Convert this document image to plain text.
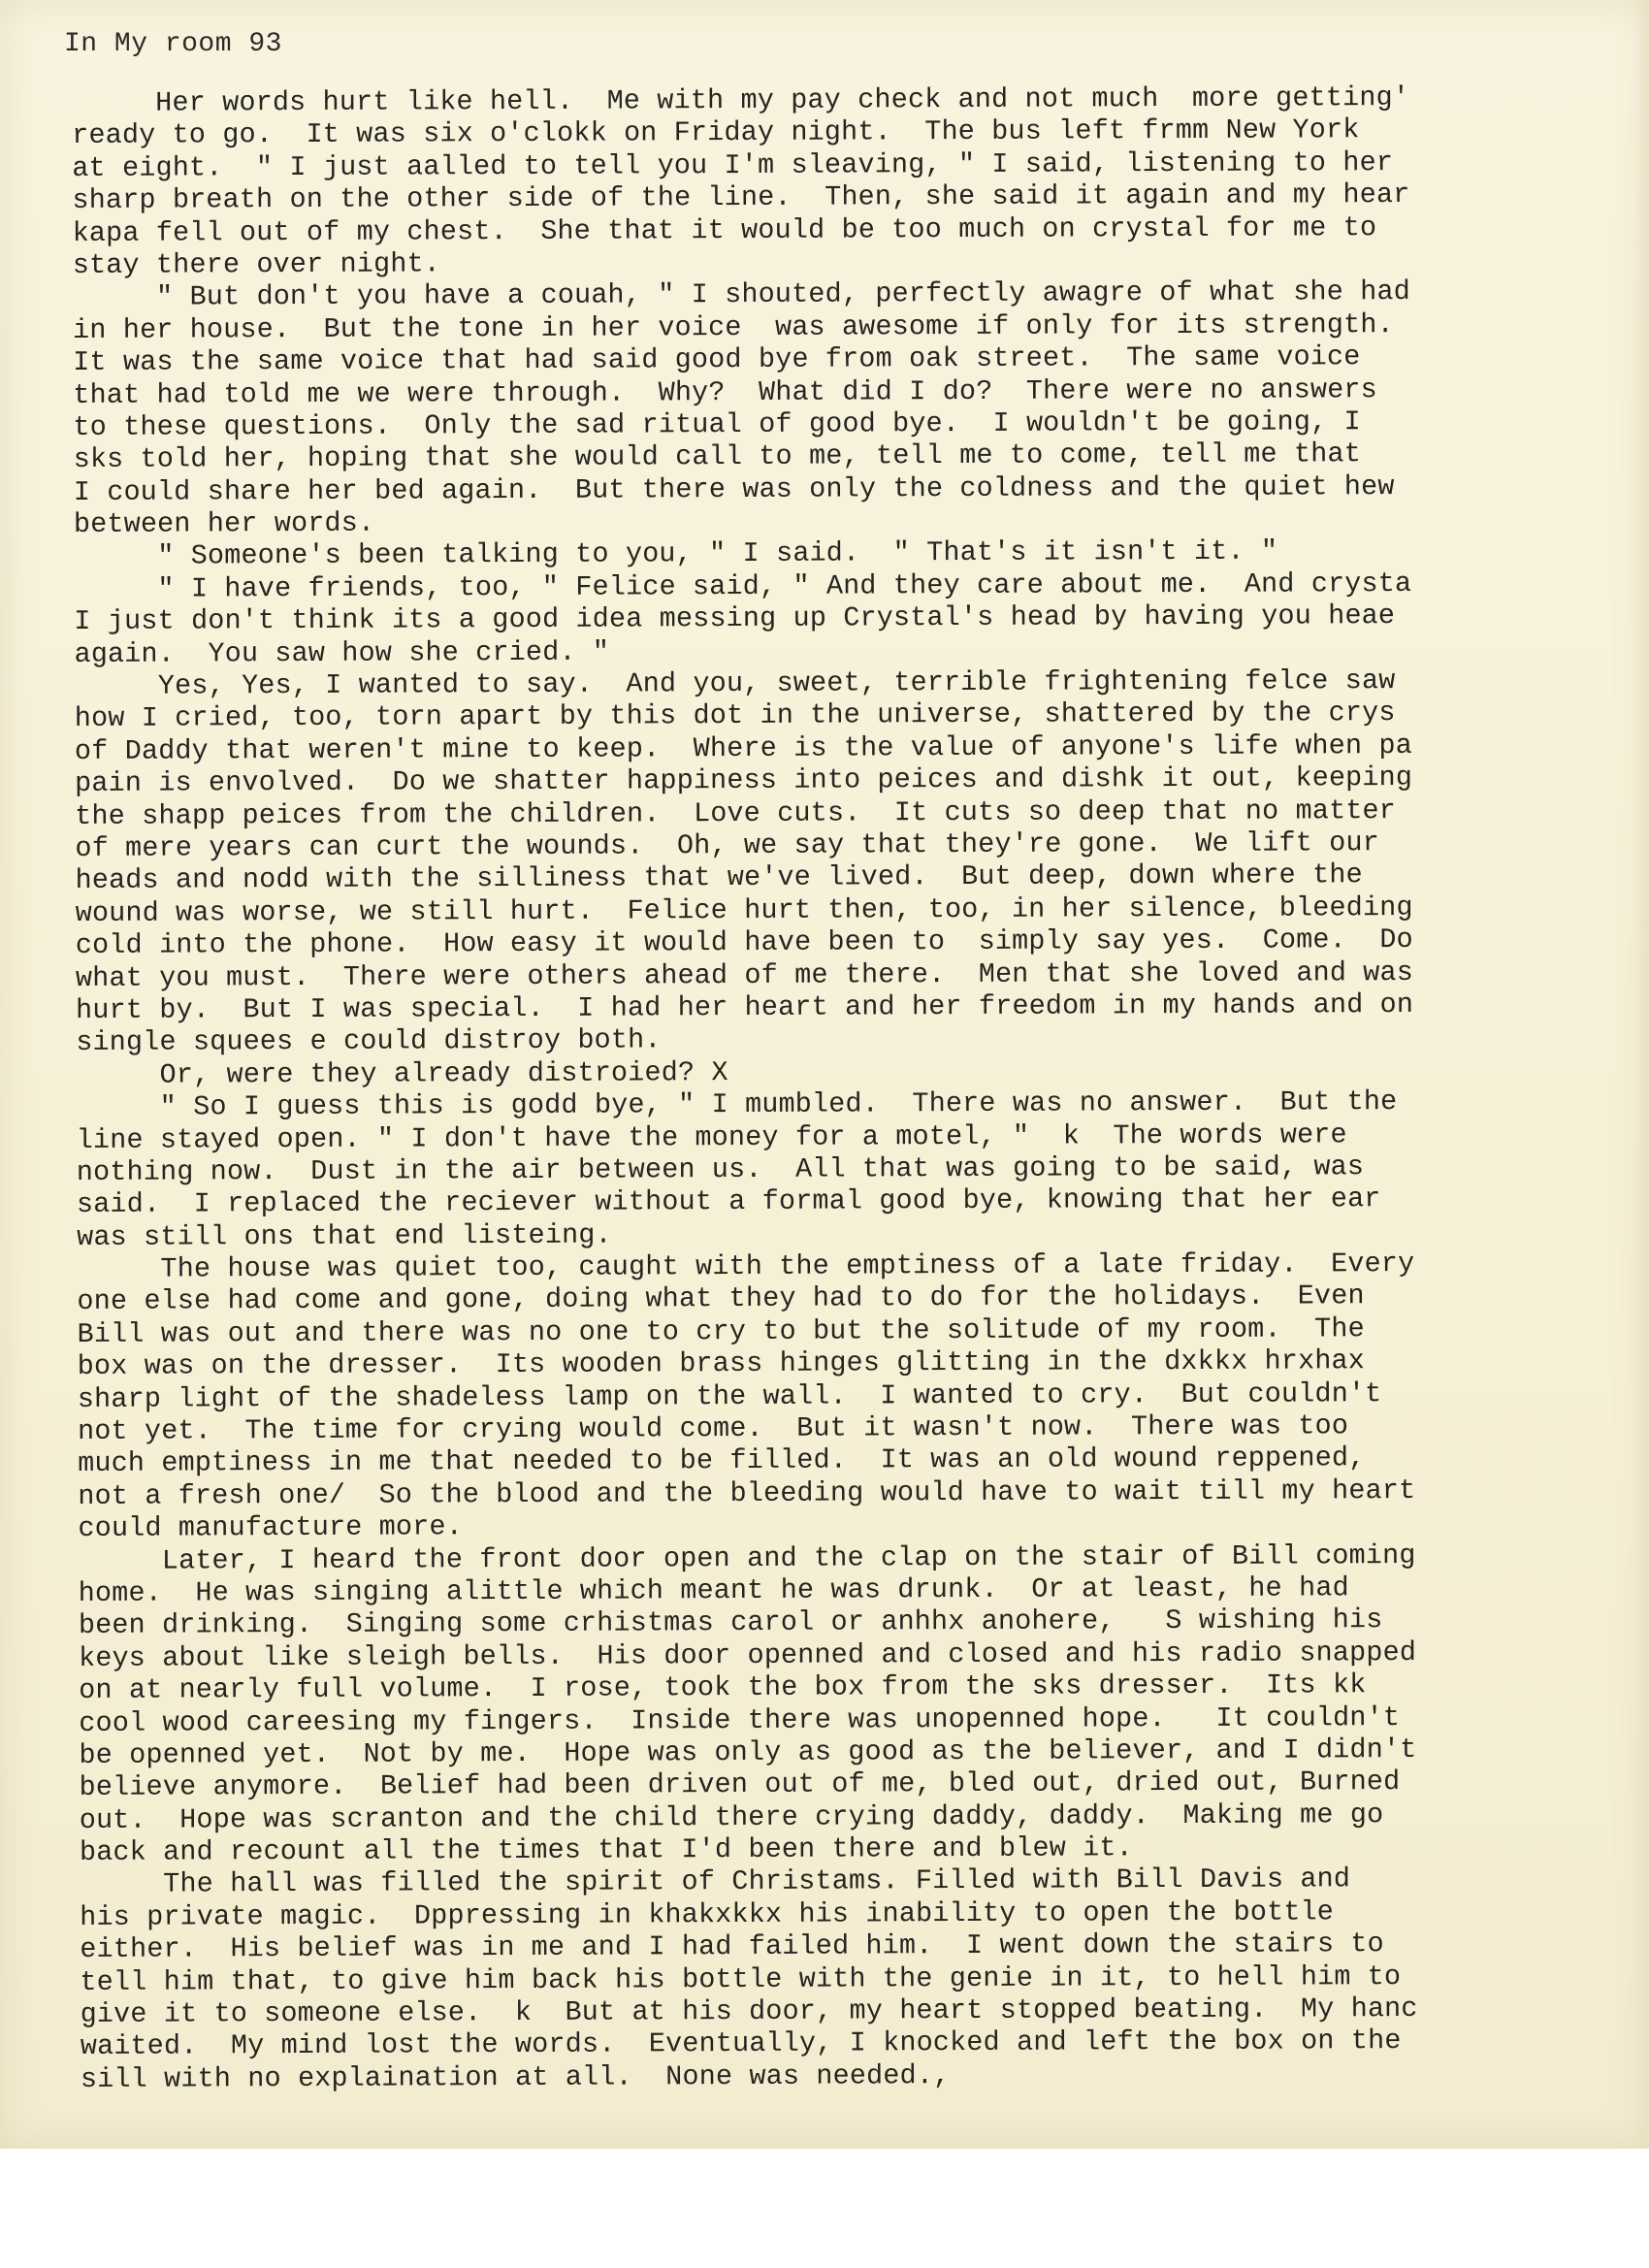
In My room 93
Her words hurt like hell.  Me with my pay check and not much  more getting'
ready to go.  It was six o'clokk on Friday night.  The bus left frmm New York
at eight.  " I just aalled to tell you I'm sleaving, " I said, listening to her
sharp breath on the other side of the line.  Then, she said it again and my hear
kapa fell out of my chest.  She that it would be too much on crystal for me to
stay there over night.
" But don't you have a couah, " I shouted, perfectly awagre of what she had
in her house.  But the tone in her voice  was awesome if only for its strength.
It was the same voice that had said good bye from oak street.  The same voice
that had told me we were through.  Why?  What did I do?  There were no answers
to these questions.  Only the sad ritual of good bye.  I wouldn't be going, I
sks told her, hoping that she would call to me, tell me to come, tell me that
I could share her bed again.  But there was only the coldness and the quiet hew
between her words.
" Someone's been talking to you, " I said.  " That's it isn't it. "
" I have friends, too, " Felice said, " And they care about me.  And crysta
I just don't think its a good idea messing up Crystal's head by having you heae
again.  You saw how she cried. "
Yes, Yes, I wanted to say.  And you, sweet, terrible frightening felce saw
how I cried, too, torn apart by this dot in the universe, shattered by the crys
of Daddy that weren't mine to keep.  Where is the value of anyone's life when pa
pain is envolved.  Do we shatter happiness into peices and dishk it out, keeping
the shapp peices from the children.  Love cuts.  It cuts so deep that no matter
of mere years can curt the wounds.  Oh, we say that they're gone.  We lift our
heads and nodd with the silliness that we've lived.  But deep, down where the
wound was worse, we still hurt.  Felice hurt then, too, in her silence, bleeding
cold into the phone.  How easy it would have been to  simply say yes.  Come.  Do
what you must.  There were others ahead of me there.  Men that she loved and was
hurt by.  But I was special.  I had her heart and her freedom in my hands and on
single squees e could distroy both.
Or, were they already distroied? X
" So I guess this is godd bye, " I mumbled.  There was no answer.  But the
line stayed open. " I don't have the money for a motel, "  k  The words were
nothing now.  Dust in the air between us.  All that was going to be said, was
said.  I replaced the reciever without a formal good bye, knowing that her ear
was still ons that end listeing.
The house was quiet too, caught with the emptiness of a late friday.  Every
one else had come and gone, doing what they had to do for the holidays.  Even
Bill was out and there was no one to cry to but the solitude of my room.  The
box was on the dresser.  Its wooden brass hinges glitting in the dxkkx hrxhax
sharp light of the shadeless lamp on the wall.  I wanted to cry.  But couldn't
not yet.  The time for crying would come.  But it wasn't now.  There was too
much emptiness in me that needed to be filled.  It was an old wound reppened,
not a fresh one/  So the blood and the bleeding would have to wait till my heart
could manufacture more.
Later, I heard the front door open and the clap on the stair of Bill coming
home.  He was singing alittle which meant he was drunk.  Or at least, he had
been drinking.  Singing some crhistmas carol or anhhx anohere,   S wishing his
keys about like sleigh bells.  His door openned and closed and his radio snapped
on at nearly full volume.  I rose, took the box from the sks dresser.  Its kk
cool wood careesing my fingers.  Inside there was unopenned hope.   It couldn't
be openned yet.  Not by me.  Hope was only as good as the believer, and I didn't
believe anymore.  Belief had been driven out of me, bled out, dried out, Burned
out.  Hope was scranton and the child there crying daddy, daddy.  Making me go
back and recount all the times that I'd been there and blew it.
The hall was filled the spirit of Christams. Filled with Bill Davis and
his private magic.  Dppressing in khakxkkx his inability to open the bottle
either.  His belief was in me and I had failed him.  I went down the stairs to
tell him that, to give him back his bottle with the genie in it, to hell him to
give it to someone else.  k  But at his door, my heart stopped beating.  My hanc
waited.  My mind lost the words.  Eventually, I knocked and left the box on the
sill with no explaination at all.  None was needed.,
